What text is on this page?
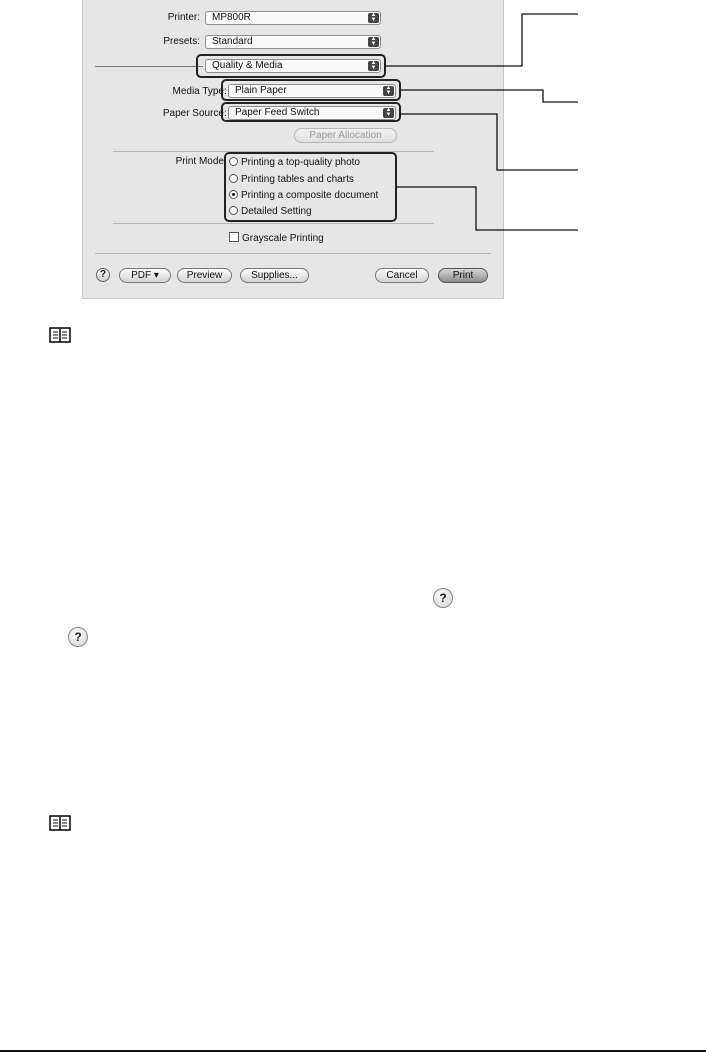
Printer:	MP800R	▲
▼
Presets:	Standard	▲
▼
Quality & Media	▲
▼
Media Type : Plain Paper	▲
▼
Paper Source : Paper Feed Switch	▲
▼
Paper Allocation
Print Mode :	Printing a top-quality photo
Printing tables and charts
Printing a composite document
Detailed Setting
Grayscale Printing
?	PDF ▾	Preview	Supplies...	Cancel	Print
?
?
